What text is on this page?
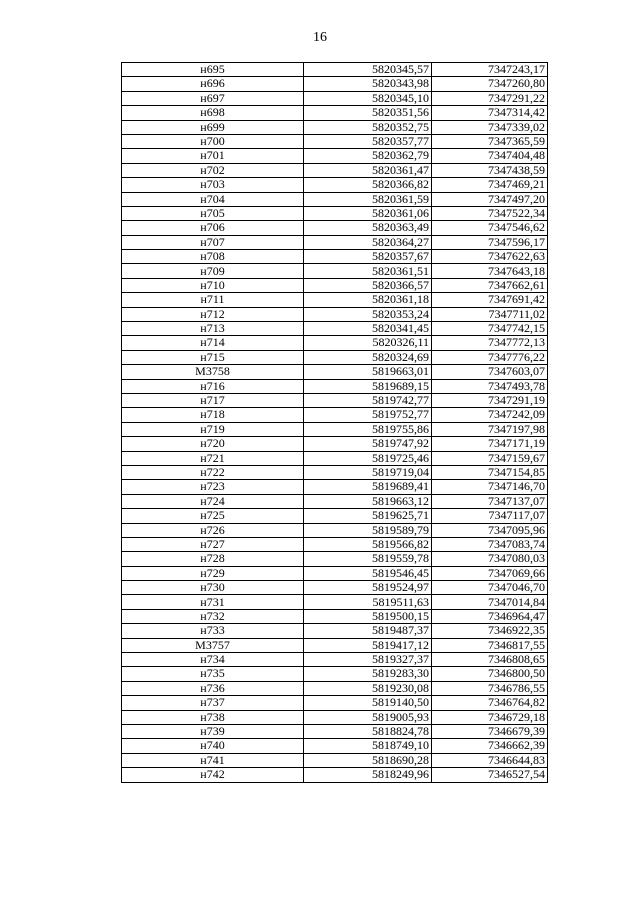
16
н695	5820345,57	7347243,17
н696	5820343,98	7347260,80
н697	5820345,10	7347291,22
н698	5820351,56	7347314,42
н699	5820352,75	7347339,02
н700	5820357,77	7347365,59
н701	5820362,79	7347404,48
н702	5820361,47	7347438,59
н703	5820366,82	7347469,21
н704	5820361,59	7347497,20
н705	5820361,06	7347522,34
н706	5820363,49	7347546,62
н707	5820364,27	7347596,17
н708	5820357,67	7347622,63
н709	5820361,51	7347643,18
н710	5820366,57	7347662,61
н711	5820361,18	7347691,42
н712	5820353,24	7347711,02
н713	5820341,45	7347742,15
н714	5820326,11	7347772,13
н715	5820324,69	7347776,22
М3758	5819663,01	7347603,07
н716	5819689,15	7347493,78
н717	5819742,77	7347291,19
н718	5819752,77	7347242,09
н719	5819755,86	7347197,98
н720	5819747,92	7347171,19
н721	5819725,46	7347159,67
н722	5819719,04	7347154,85
н723	5819689,41	7347146,70
н724	5819663,12	7347137,07
н725	5819625,71	7347117,07
н726	5819589,79	7347095,96
н727	5819566,82	7347083,74
н728	5819559,78	7347080,03
н729	5819546,45	7347069,66
н730	5819524,97	7347046,70
н731	5819511,63	7347014,84
н732	5819500,15	7346964,47
н733	5819487,37	7346922,35
М3757	5819417,12	7346817,55
н734	5819327,37	7346808,65
н735	5819283,30	7346800,50
н736	5819230,08	7346786,55
н737	5819140,50	7346764,82
н738	5819005,93	7346729,18
н739	5818824,78	7346679,39
н740	5818749,10	7346662,39
н741	5818690,28	7346644,83
н742	5818249,96	7346527,54
